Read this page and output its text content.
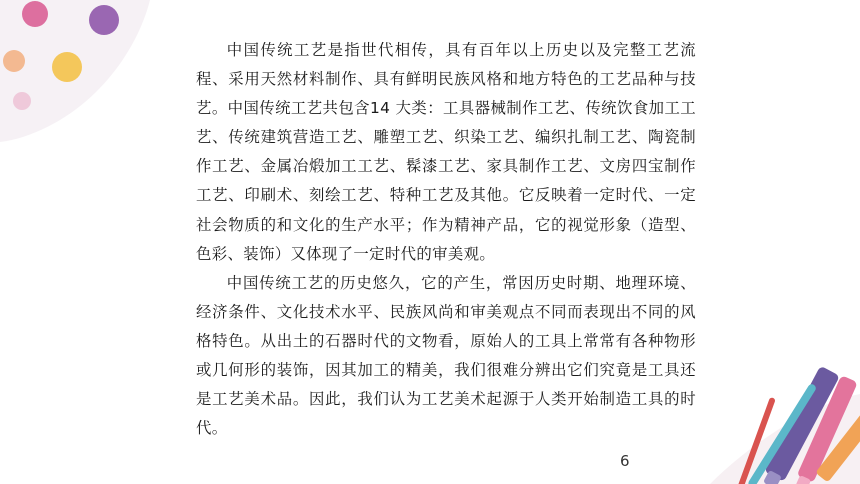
中国传统工艺是指世代相传，具有百年以上历史以及完整工艺流程、采用天然材料制作、具有鲜明民族风格和地方特色的工艺品种与技艺。中国传统工艺共包含14 大类：工具器械制作工艺、传统饮食加工工艺、传统建筑营造工艺、雕塑工艺、织染工艺、编织扎制工艺、陶瓷制作工艺、金属冶煅加工工艺、髹漆工艺、家具制作工艺、文房四宝制作工艺、印刷术、刻绘工艺、特种工艺及其他。它反映着一定时代、一定社会物质的和文化的生产水平；作为精神产品，它的视觉形象（造型、色彩、装饰）又体现了一定时代的审美观。

中国传统工艺的历史悠久，它的产生，常因历史时期、地理环境、经济条件、文化技术水平、民族风尚和审美观点不同而表现出不同的风格特色。从出土的石器时代的文物看，原始人的工具上常常有各种物形或几何形的装饰，因其加工的精美，我们很难分辨出它们究竟是工具还是工艺美术品。因此，我们认为工艺美术起源于人类开始制造工具的时代。

6
